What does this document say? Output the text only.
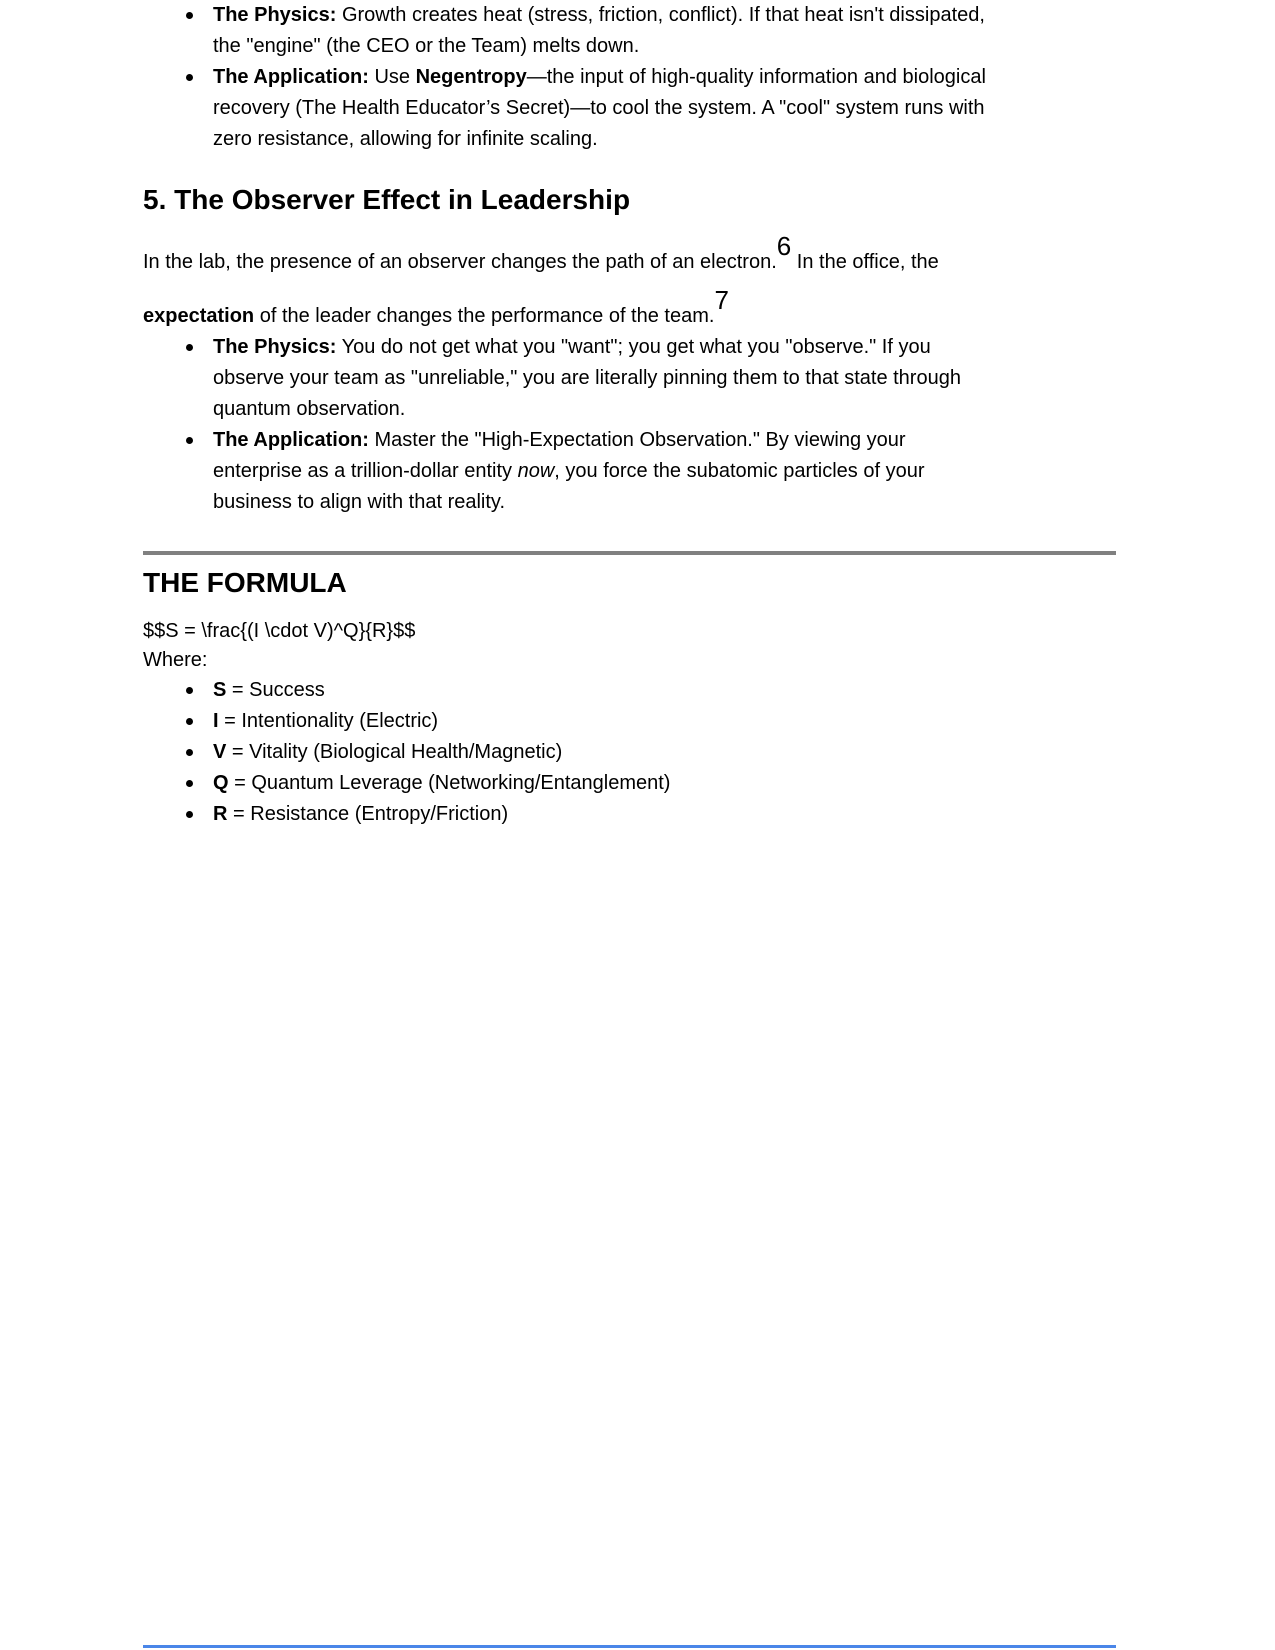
The Physics: Growth creates heat (stress, friction, conflict). If that heat isn't dissipated,
the "engine" (the CEO or the Team) melts down.
The Application: Use Negentropy—the input of high-quality information and biological
recovery (The Health Educator’s Secret)—to cool the system. A "cool" system runs with
zero resistance, allowing for infinite scaling.
5. The Observer Effect in Leadership
In the lab, the presence of an observer changes the path of an electron.6 In the office, the
expectation of the leader changes the performance of the team.7
The Physics: You do not get what you "want"; you get what you "observe." If you
observe your team as "unreliable," you are literally pinning them to that state through
quantum observation.
The Application: Master the "High-Expectation Observation." By viewing your
enterprise as a trillion-dollar entity now, you force the subatomic particles of your
business to align with that reality.
THE FORMULA
$$S = \frac{(I \cdot V)^Q}{R}$$
Where:
S = Success
I = Intentionality (Electric)
V = Vitality (Biological Health/Magnetic)
Q = Quantum Leverage (Networking/Entanglement)
R = Resistance (Entropy/Friction)
